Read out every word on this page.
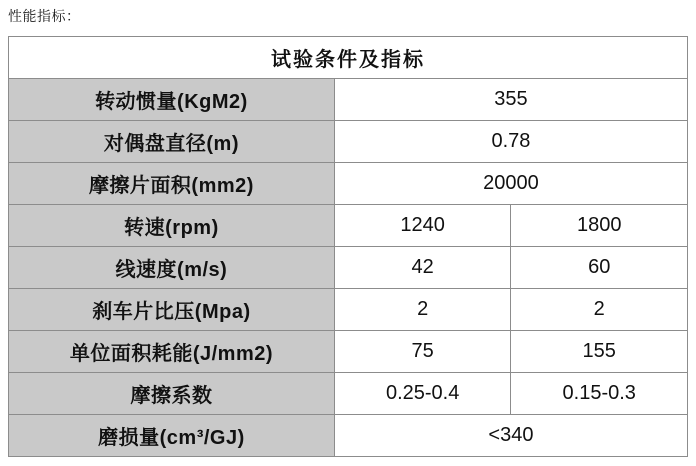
性能指标：
试验条件及指标		
转动惯量(KgM2)	355	
对偶盘直径(m)	0.78	
摩擦片面积(mm2)	20000	
转速(rpm)	1240	1800
线速度(m/s)	42	60
刹车片比压(Mpa)	2	2
单位面积耗能(J/mm2)	75	155
摩擦系数	0.25-0.4	0.15-0.3
磨损量(cm³/GJ)	<340	
